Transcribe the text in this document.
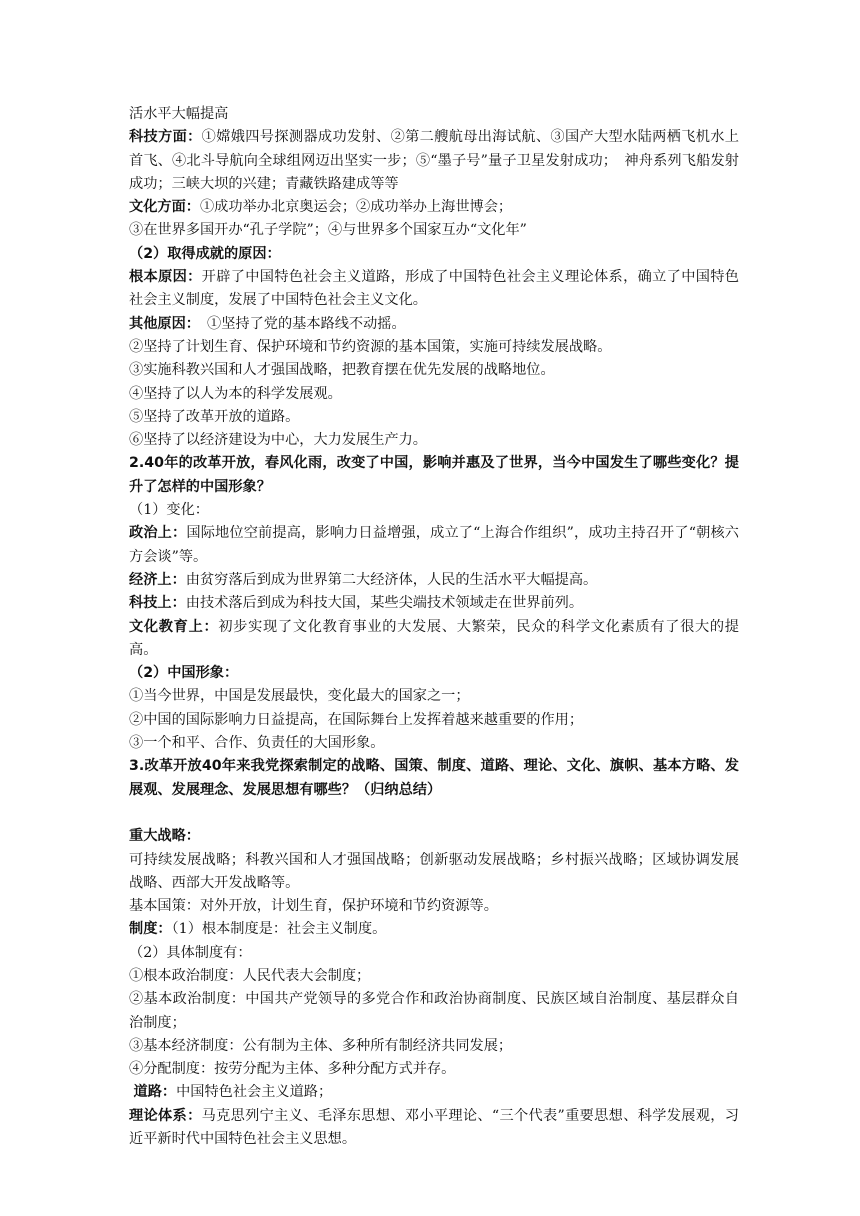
活水平大幅提高

科技方面：①嫦娥四号探测器成功发射、②第二艘航母出海试航、③国产大型水陆两栖飞机水上首飞、④北斗导航向全球组网迈出坚实一步；⑤“墨子号”量子卫星发射成功；　神舟系列飞船发射成功；三峡大坝的兴建；青藏铁路建成等等

文化方面：①成功举办北京奥运会；②成功举办上海世博会；

③在世界多国开办“孔子学院”；④与世界多个国家互办“文化年”

（2）取得成就的原因：

根本原因：开辟了中国特色社会主义道路，形成了中国特色社会主义理论体系，确立了中国特色社会主义制度，发展了中国特色社会主义文化。

其他原因：　①坚持了党的基本路线不动摇。

②坚持了计划生育、保护环境和节约资源的基本国策，实施可持续发展战略。

③实施科教兴国和人才强国战略，把教育摆在优先发展的战略地位。

④坚持了以人为本的科学发展观。

⑤坚持了改革开放的道路。

⑥坚持了以经济建设为中心，大力发展生产力。

2.40年的改革开放，春风化雨，改变了中国，影响并惠及了世界，当今中国发生了哪些变化？提升了怎样的中国形象？

（1）变化：

政治上：国际地位空前提高，影响力日益增强，成立了“上海合作组织”，成功主持召开了“朝核六方会谈”等。

经济上：由贫穷落后到成为世界第二大经济体，人民的生活水平大幅提高。

科技上：由技术落后到成为科技大国，某些尖端技术领域走在世界前列。

文化教育上：初步实现了文化教育事业的大发展、大繁荣，民众的科学文化素质有了很大的提高。

（2）中国形象：

①当今世界，中国是发展最快，变化最大的国家之一；

②中国的国际影响力日益提高，在国际舞台上发挥着越来越重要的作用；

③一个和平、合作、负责任的大国形象。

3.改革开放40年来我党探索制定的战略、国策、制度、道路、理论、文化、旗帜、基本方略、发展观、发展理念、发展思想有哪些？（归纳总结）

重大战略：

可持续发展战略；科教兴国和人才强国战略；创新驱动发展战略；乡村振兴战略；区域协调发展战略、西部大开发战略等。

基本国策：对外开放，计划生育，保护环境和节约资源等。

制度：（1）根本制度是：社会主义制度。

（2）具体制度有：

①根本政治制度：人民代表大会制度；

②基本政治制度：中国共产党领导的多党合作和政治协商制度、民族区域自治制度、基层群众自治制度；

③基本经济制度：公有制为主体、多种所有制经济共同发展；

④分配制度：按劳分配为主体、多种分配方式并存。

道路：中国特色社会主义道路；

理论体系：马克思列宁主义、毛泽东思想、邓小平理论、“三个代表”重要思想、科学发展观，习近平新时代中国特色社会主义思想。
